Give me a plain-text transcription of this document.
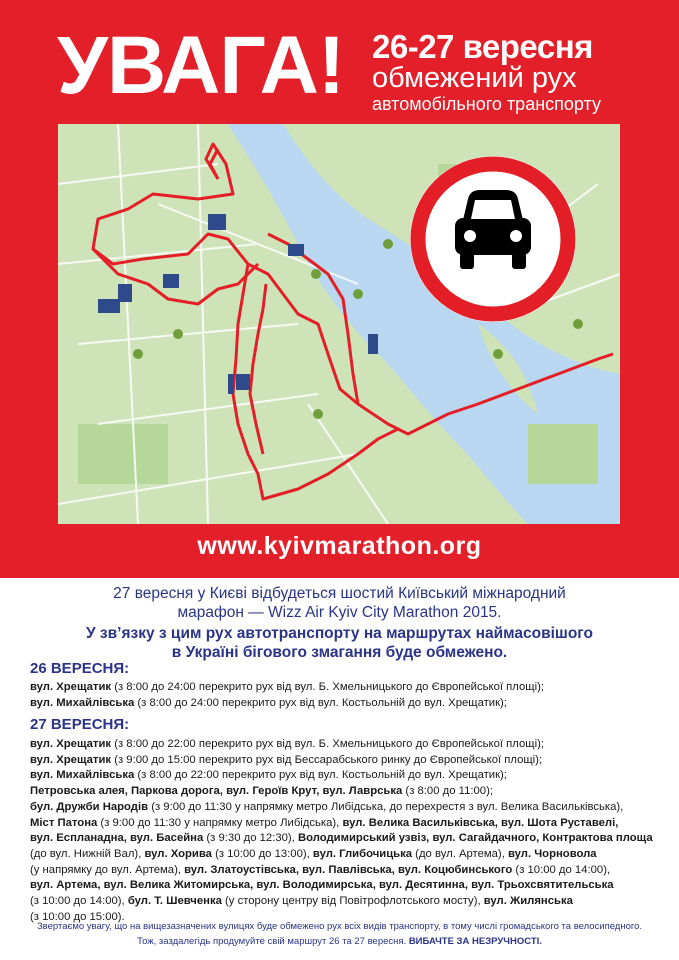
УВАГА! 26-27 вересня
обмежений рух
автомобільного транспорту
www.kyivmarathon.org
27 вересня у Києві відбудеться шостий Київський міжнародний
марафон — Wizz Air Kyiv City Marathon 2015.
У зв’язку з цим рух автотранспорту на маршрутах наймасовішого
в Україні бігового змагання буде обмежено.
26 ВЕРЕСНЯ:

вул. Хрещатик (з 8:00 до 24:00 перекрито рух від вул. Б. Хмельницького до Європейської площі);

вул. Михайлівська (з 8:00 до 24:00 перекрито рух від вул. Костьольній до вул. Хрещатик);

27 ВЕРЕСНЯ:

вул. Хрещатик (з 8:00 до 22:00 перекрито рух від вул. Б. Хмельницького до Європейської площі);

вул. Хрещатик (з 9:00 до 15:00 перекрито рух від Бессарабського ринку до Європейської площі);

вул. Михайлівська (з 8:00 до 22:00 перекрито рух від вул. Костьольній до вул. Хрещатик);

Петровська алея, Паркова дорога, вул. Героїв Крут, вул. Лаврська (з 8:00 до 11:00);

бул. Дружби Народів (з 9:00 до 11:30 у напрямку метро Либідська, до перехрестя з вул. Велика Васильківська),

Міст Патона (з 9:00 до 11:30 у напрямку метро Либідська), вул. Велика Васильківська, вул. Шота Руставелі,

вул. Еспланадна, вул. Басейна (з 9:30 до 12:30), Володимирський узвіз, вул. Сагайдачного, Контрактова площа

(до вул. Нижній Вал), вул. Хорива (з 10:00 до 13:00), вул. Глибочицька (до вул. Артема), вул. Чорновола

(у напрямку до вул. Артема), вул. Златоустівська, вул. Павлівська, вул. Коцюбинського (з 10:00 до 14:00),

вул. Артема, вул. Велика Житомирська, вул. Володимирська, вул. Десятинна, вул. Трьохсвятительська

(з 10:00 до 14:00), бул. Т. Шевченка (у сторону центру від Повітрофлотського мосту), вул. Жилянська

(з 10:00 до 15:00).

Звертаємо увагу, що на вищезазначених вулицях буде обмежено рух всіх видів транспорту, в тому числі громадського та велосипедного.
Тож, заздалегідь продумуйте свій маршрут 26 та 27 вересня. ВИБАЧТЕ ЗА НЕЗРУЧНОСТІ.
